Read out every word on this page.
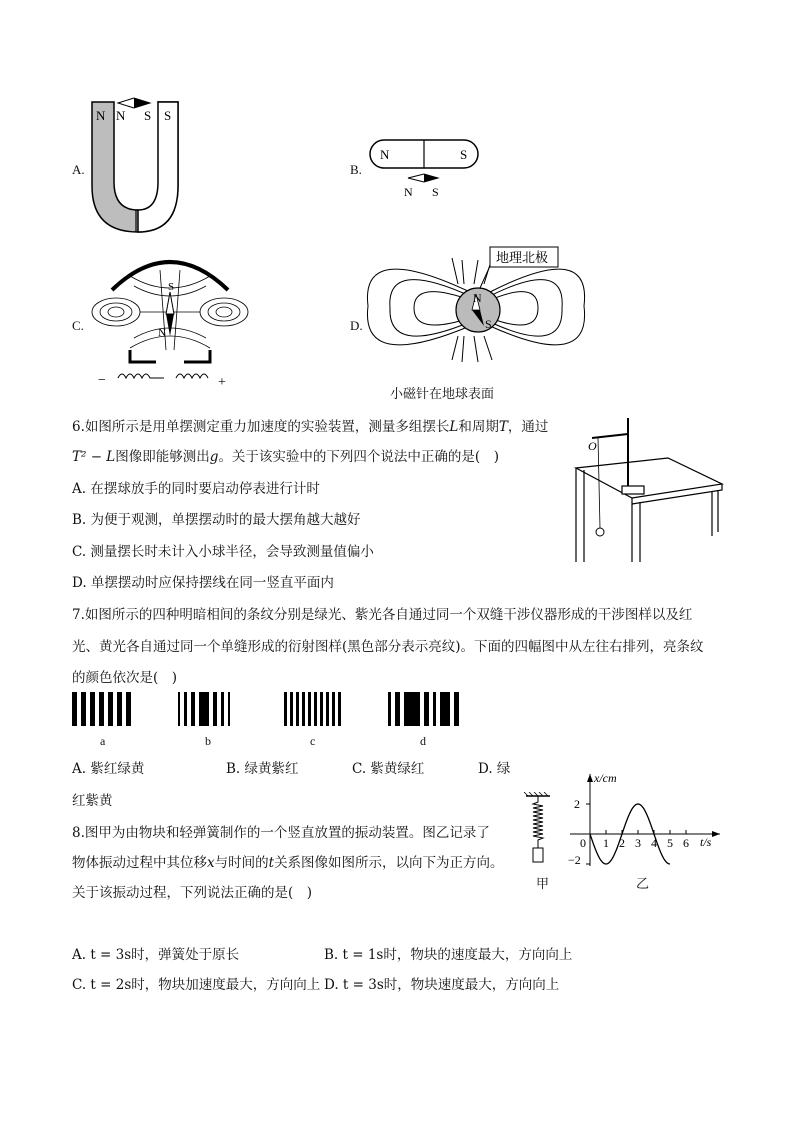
A.
N	S
N S
B.
N	S
N S
C.
S
N
−	+
D.
N
S
地理北极
小磁针在地球表面
6.如图所示是用单摆测定重力加速度的实验装置，测量多组摆长L和周期T，通过
T² − L图像即能够测出g。关于该实验中的下列四个说法中正确的是(　)
A. 在摆球放手的同时要启动停表进行计时
B. 为便于观测，单摆摆动时的最大摆角越大越好
C. 测量摆长时未计入小球半径，会导致测量值偏小
D. 单摆摆动时应保持摆线在同一竖直平面内
O
7.如图所示的四种明暗相间的条纹分别是绿光、紫光各自通过同一个双缝干涉仪器形成的干涉图样以及红
光、黄光各自通过同一个单缝形成的衍射图样(黑色部分表示亮纹)。下面的四幅图中从左往右排列，亮条纹
的颜色依次是(　)
a	b	c	d
A. 紫红绿黄	B. 绿黄紫红	C. 紫黄绿红	D. 绿
红紫黄
8.图甲为由物块和轻弹簧制作的一个竖直放置的振动装置。图乙记录了
物体振动过程中其位移x与时间的t关系图像如图所示，以向下为正方向。
关于该振动过程，下列说法正确的是(　)
甲
x/cm
t/s
0 1 2 3 4 5 6
2
−2
乙
A. t = 3s时，弹簧处于原长	B. t = 1s时，物块的速度最大，方向向上
C. t = 2s时，物块加速度最大，方向向上 D. t = 3s时，物块速度最大，方向向上
